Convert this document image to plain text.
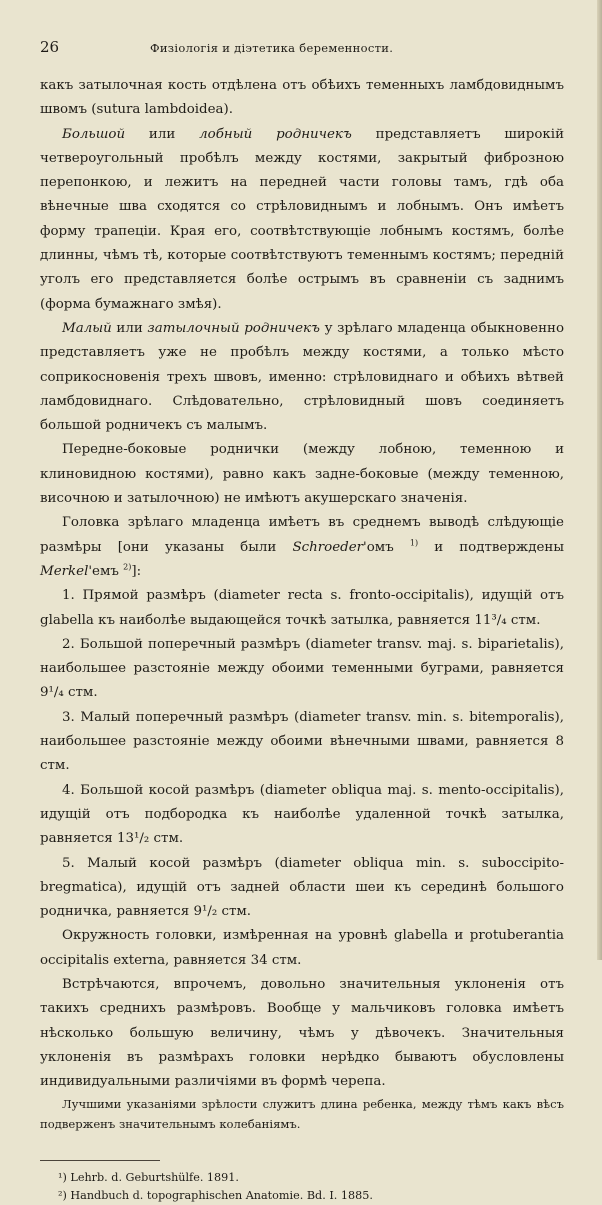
26	Физiологiя и дiэтетика беременности.

какъ затылочная кость отдѣлена отъ обѣихъ теменныхъ ламбдовиднымъ швомъ (sutura lambdoidea).

Большой или лобный родничекъ представляетъ широкiй четвероугольный пробѣлъ между костями, закрытый фиброзною перепонкою, и лежитъ на передней части головы тамъ, гдѣ оба вѣнечные шва сходятся со стрѣловиднымъ и лобнымъ. Онъ имѣетъ форму трапецiи. Края его, соотвѣтствующiе лобнымъ костямъ, болѣе длинны, чѣмъ тѣ, которые соотвѣтствуютъ теменнымъ костямъ; переднiй уголъ его представляется болѣе острымъ въ сравненiи съ заднимъ (форма бумажнаго змѣя).

Малый или затылочный родничекъ у зрѣлаго младенца обыкновенно представляетъ уже не пробѣлъ между костями, а только мѣсто соприкосновенiя трехъ швовъ, именно: стрѣловиднаго и обѣихъ вѣтвей ламбдовиднаго. Слѣдовательно, стрѣловидный шовъ соединяетъ большой родничекъ съ малымъ.

Передне-боковые роднички (между лобною, теменною и клиновидною костями), равно какъ задне-боковые (между теменною, височною и затылочною) не имѣютъ акушерскаго значенiя.

Головка зрѣлаго младенца имѣетъ въ среднемъ выводѣ слѣдующiе размѣры [они указаны были Schroeder'омъ $^{1)}$ и подтверждены Merkel'емъ $^{2)}$]:

1. Прямой размѣръ (diameter recta s. fronto-occipitalis), идущiй отъ glabella къ наиболѣе выдающейся точкѣ затылка, равняется 11³/₄ стм.

2. Большой поперечный размѣръ (diameter transv. maj. s. biparietalis), наибольшее разстоянiе между обоими теменными буграми, равняется 9¹/₄ стм.

3. Малый поперечный размѣръ (diameter transv. min. s. bitemporalis), наибольшее разстоянiе между обоими вѣнечными швами, равняется 8 стм.

4. Большой косой размѣръ (diameter obliqua maj. s. mento-occipitalis), идущiй отъ подбородка къ наиболѣе удаленной точкѣ затылка, равняется 13¹/₂ стм.

5. Малый косой размѣръ (diameter obliqua min. s. suboccipito-bregmatica), идущiй отъ задней области шеи къ серединѣ большого родничка, равняется 9¹/₂ стм.

Окружность головки, измѣренная на уровнѣ glabella и protuberantia occipitalis externa, равняется 34 стм.

Встрѣчаются, впрочемъ, довольно значительныя уклоненiя отъ такихъ среднихъ размѣровъ. Вообще у мальчиковъ головка имѣетъ нѣсколько большую величину, чѣмъ у дѣвочекъ. Значительныя уклоненiя въ размѣрахъ головки нерѣдко бываютъ обусловлены индивидуальными различiями въ формѣ черепа.

Лучшими указанiями зрѣлости служитъ длина ребенка, между тѣмъ какъ вѣсъ подверженъ значительнымъ колебанiямъ.

¹) Lehrb. d. Geburtshülfe. 1891.

²) Handbuch d. topographischen Anatomie. Bd. I. 1885.
